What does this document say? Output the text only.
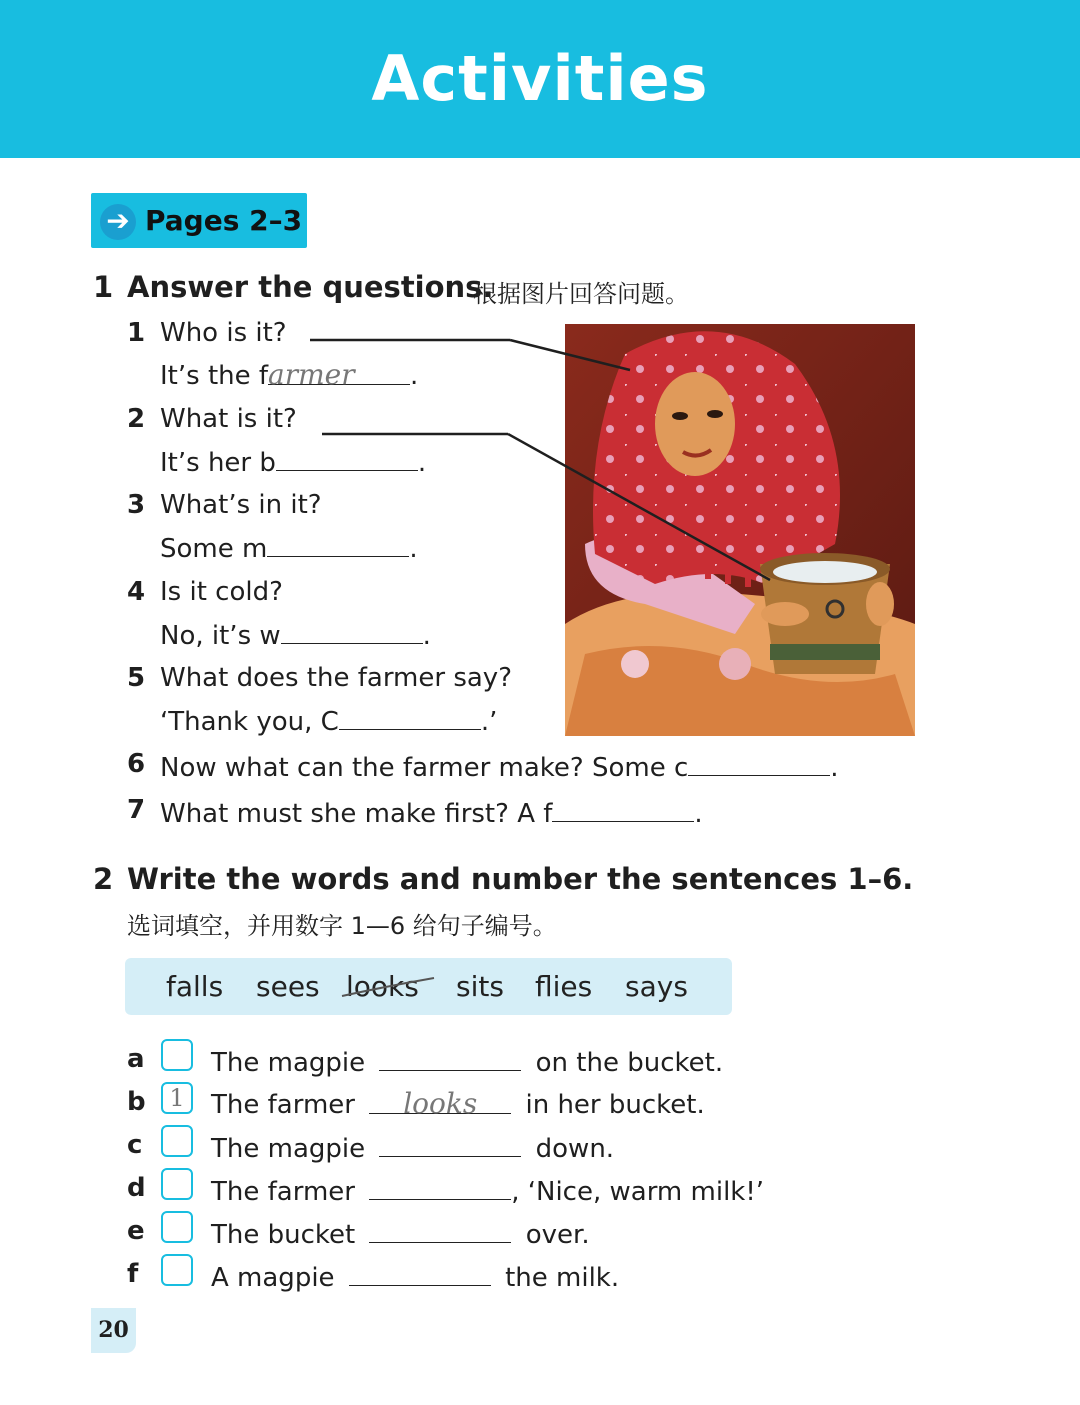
Activities
➔ Pages 2–3
1 Answer the questions.
根据图片回答问题。
1 Who is it?
It’s the farmer .
2 What is it?
It’s her b	.
3 What’s in it?
Some m	.
4 Is it cold?
No, it’s w	.
5 What does the farmer say?
‘Thank you, C	.’
6 Now what can the farmer make? Some c	.
7 What must she make first? A f	.
2 Write the words and number the sentences 1–6.
选词填空，并用数字 1—6 给句子编号。
falls sees looks sits flies says
a	The magpie	on the bucket.
b 1	The farmer looks in her bucket.
c	The magpie	down.
d	The farmer	, ‘Nice, warm milk!’
e	The bucket	over.
f	A magpie	the milk.
20
